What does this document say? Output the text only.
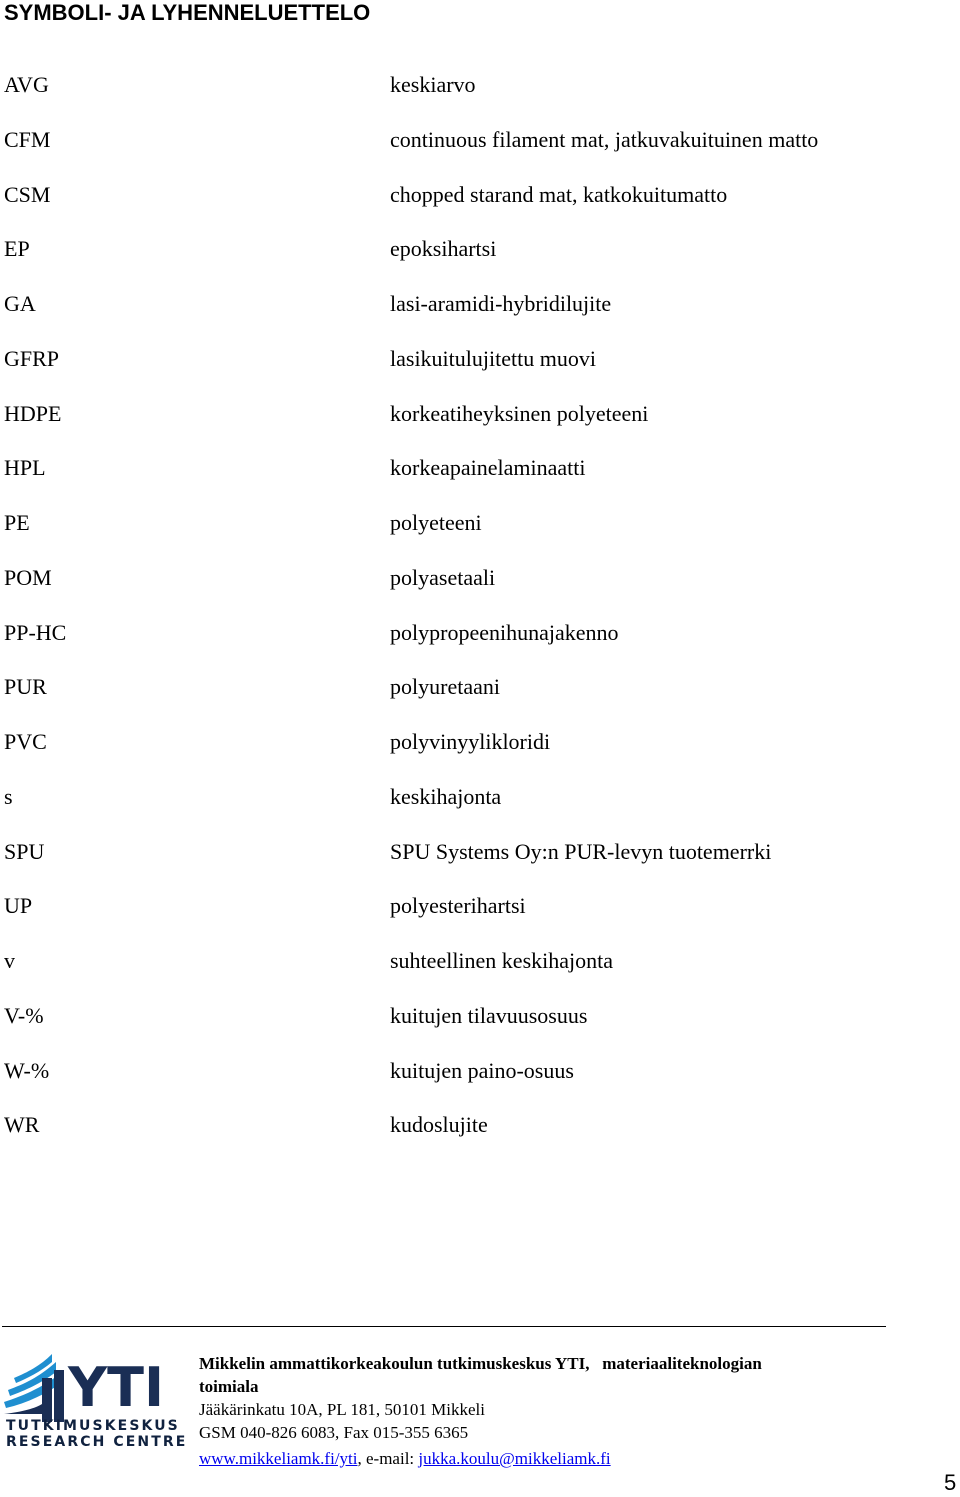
SYMBOLI- JA LYHENNELUETTELO
AVG	keskiarvo
CFM	continuous filament mat, jatkuvakuituinen matto
CSM	chopped starand mat, katkokuitumatto
EP	epoksihartsi
GA	lasi-aramidi-hybridilujite
GFRP	lasikuitulujitettu muovi
HDPE	korkeatiheyksinen polyeteeni
HPL	korkeapainelaminaatti
PE	polyeteeni
POM	polyasetaali
PP-HC	polypropeenihunajakenno
PUR	polyuretaani
PVC	polyvinyylikloridi
s	keskihajonta
SPU	SPU Systems Oy:n PUR-levyn tuotemerrki
UP	polyesterihartsi
v	suhteellinen keskihajonta
V-%	kuitujen tilavuusosuus
W-%	kuitujen paino-osuus
WR	kudoslujite
YTI
TUTKIMUSKESKUS
RESEARCH CENTRE

Mikkelin ammattikorkeakoulun tutkimuskeskus YTI, materiaaliteknologian
toimiala

Jääkärinkatu 10A, PL 181, 50101 Mikkeli

GSM 040-826 6083, Fax 015-355 6365

www.mikkeliamk.fi/yti, e-mail: jukka.koulu@mikkeliamk.fi

5
